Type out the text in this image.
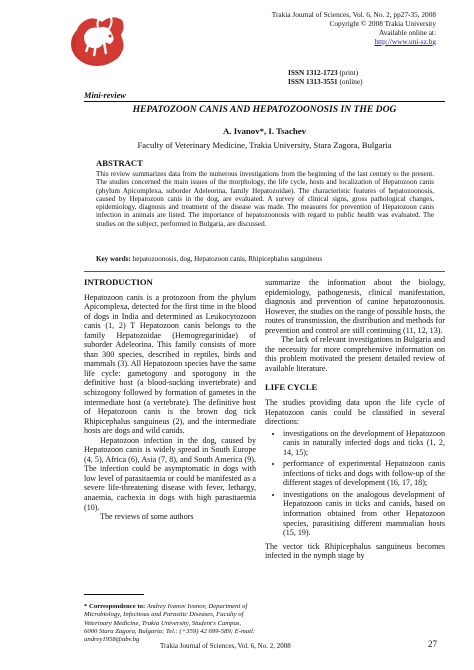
Trakia Journal of Sciences, Vol. 6, No. 2, pp27-35, 2008
Copyright © 2008 Trakia University
Available online at:
http://www.uni-sz.bg
ISSN 1312-1723 (print)
ISSN 1313-3551 (online)
Mini-review
HEPATOZOON CANIS AND HEPATOZOONOSIS IN THE DOG
A. Ivanov*, I. Tsachev
Faculty of Veterinary Medicine, Trakia University, Stara Zagora, Bulgaria
ABSTRACT
This review summarizes data from the numerous investigations from the beginning of the last century to the present. The studies concerned the main issues of the morphology, the life cycle, hosts and localization of Hepatozoon canis (phylum Apicomplexa, suborder Adeleorina, family Hepatozoidae). The characteristic features of hepatozoonosis, caused by Hepatozoon canis in the dog, are evaluated. A survey of clinical signs, gross pathological changes, epidemiology, diagnosis and treatment of the disease was made. The measures for prevention of Hepatozoon canis infection in animals are listed. The importance of hepatozoonosis with regard to public health was evaluated. The studies on the subject, performed in Bulgaria, are discussed.
Key words: hepatozoonosis, dog, Hepatozoon canis, Rhipicephalus sanguineus

INTRODUCTION

Hepatozoon canis is a protozoon from the phylum Apicomplexa, detected for the first time in the blood of dogs in India and determined as Leukocytozoon canis (1, 2) T Hepatozoon canis belongs to the family Hepatozoidae (Hemogregarinidae) of suborder Adeleorina. This family consists of more than 300 species, described in reptiles, birds and mammals (3). All Hepatozoon species have the same life cycle: gametogony and sporogony in the definitive host (a blood-sucking invertebrate) and schizogony followed by formation of gametes in the intermediate host (a vertebrate). The definitive host of Hepatozoon canis is the brown dog tick Rhipicephalus sanguineus (2), and the intermediate hosts are dogs and wild canids.

Hepatozoon infection in the dog, caused by Hepatozoon canis is widely spread in South Europe (4, 5), Africa (6), Asia (7, 8), and South America (9). The infection could be asymptomatic in dogs with low level of parasitaemia or could be manifested as a severe life-threatening disease with fever, lethargy, anaemia, cachexia in dogs with high parasitaemia (10).

The reviews of some authors

* Correspondence to: Andrey Ivanov Ivanov, Department of Microbiology, Infectious and Parasitic Diseases, Faculty of Veterinary Medicine, Trakia University, Student's Campus, 6000 Stara Zagora, Bulgaria; Tel.: (+359) 42 699-589; E-mail: andrey1958@abv.bg

summarize the information about the biology, epidemiology, pathogenesis, clinical manifestation, diagnosis and prevention of canine hepatozoonosis. However, the studies on the range of possible hosts, the routes of transmission, the distribution and methods for prevention and control are still continuing (11, 12, 13).

The lack of relevant investigations in Bulgaria and the necessity for more comprehensive information on this problem motivated the present detailed review of available literature.

LIFE CYCLE

The studies providing data upon the life cycle of Hepatozoon canis could be classified in several directions:

• investigations on the development of Hepatozoon canis in naturally infected dogs and ticks (1, 2, 14, 15);
• performance of experimental Hepatozoon canis infections of ticks and dogs with follow-up of the different stages of development (16, 17, 18);
• investigations on the analogous development of Hepatozoon canis in ticks and canids, based on information obtained from other Hepatozoon species, parasitising different mammalian hosts (15, 19).

The vector tick Rhipicephalus sanguineus becomes infected in the nymph stage by

Trakia Journal of Sciences, Vol. 6, No. 2, 2008	27
